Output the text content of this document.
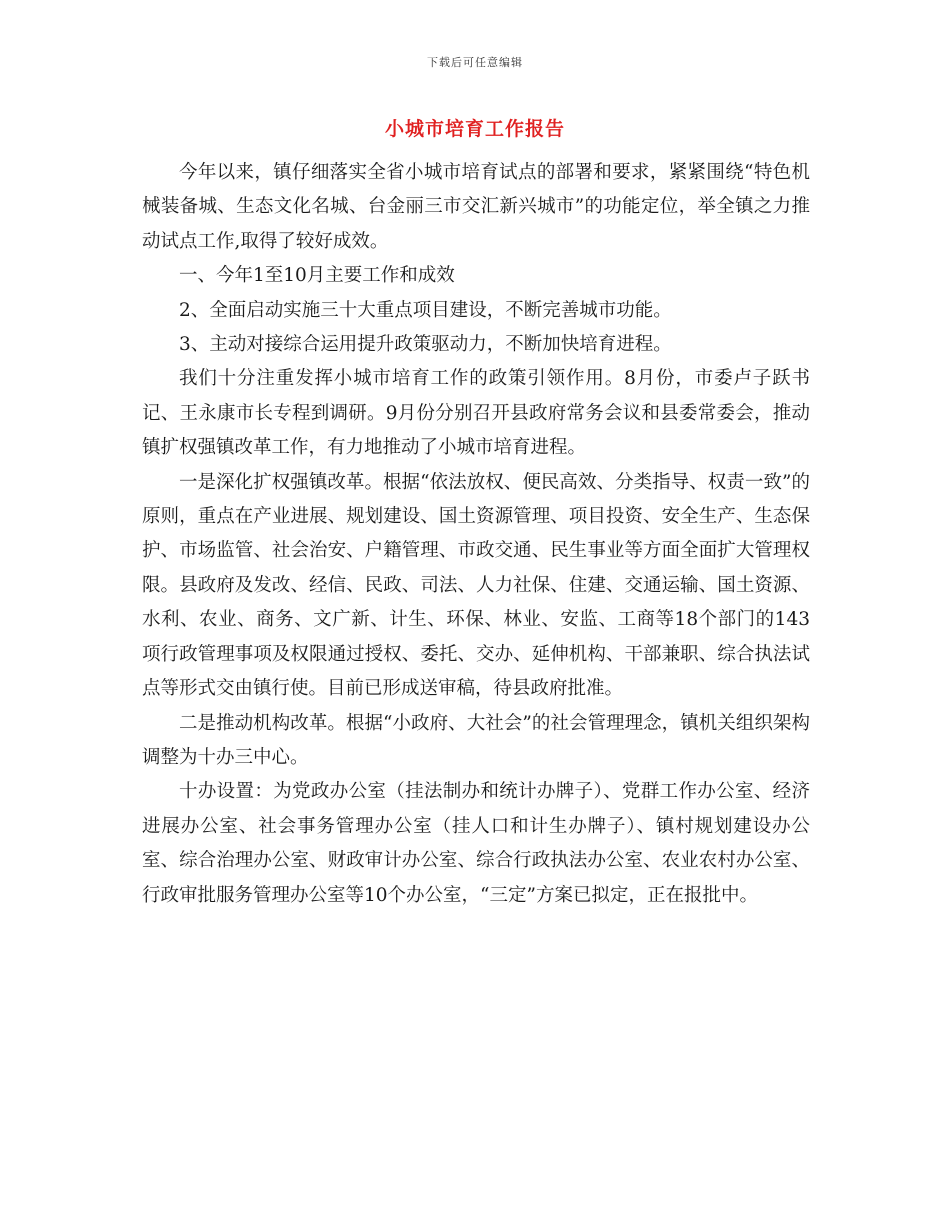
下载后可任意编辑
小城市培育工作报告

今年以来，镇仔细落实全省小城市培育试点的部署和要求，紧紧围绕“特色机械装备城、生态文化名城、台金丽三市交汇新兴城市”的功能定位，举全镇之力推动试点工作,取得了较好成效。

一、今年1至10月主要工作和成效

2、全面启动实施三十大重点项目建设，不断完善城市功能。

3、主动对接综合运用提升政策驱动力，不断加快培育进程。

我们十分注重发挥小城市培育工作的政策引领作用。8月份，市委卢子跃书记、王永康市长专程到调研。9月份分别召开县政府常务会议和县委常委会，推动镇扩权强镇改革工作，有力地推动了小城市培育进程。

一是深化扩权强镇改革。根据“依法放权、便民高效、分类指导、权责一致”的原则，重点在产业进展、规划建设、国土资源管理、项目投资、安全生产、生态保护、市场监管、社会治安、户籍管理、市政交通、民生事业等方面全面扩大管理权限。县政府及发改、经信、民政、司法、人力社保、住建、交通运输、国土资源、水利、农业、商务、文广新、计生、环保、林业、安监、工商等18个部门的143项行政管理事项及权限通过授权、委托、交办、延伸机构、干部兼职、综合执法试点等形式交由镇行使。目前已形成送审稿，待县政府批准。

二是推动机构改革。根据“小政府、大社会”的社会管理理念，镇机关组织架构调整为十办三中心。

十办设置：为党政办公室（挂法制办和统计办牌子）、党群工作办公室、经济进展办公室、社会事务管理办公室（挂人口和计生办牌子）、镇村规划建设办公室、综合治理办公室、财政审计办公室、综合行政执法办公室、农业农村办公室、行政审批服务管理办公室等10个办公室，“三定”方案已拟定，正在报批中。
